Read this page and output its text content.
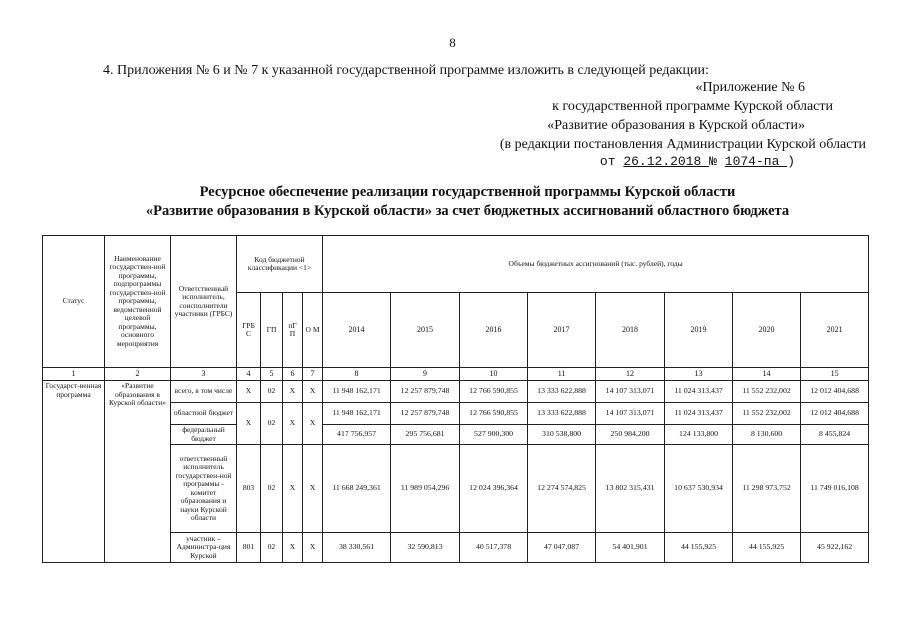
8
4. Приложения № 6 и № 7 к указанной государственной программе изложить в следующей редакции:
«Приложение № 6
к государственной программе Курской области
«Развитие образования в Курской области»
(в редакции постановления Администрации Курской области
от 26.12.2018 № 1074-па )
Ресурсное обеспечение реализации государственной программы Курской области
«Развитие образования в Курской области» за счет бюджетных ассигнований областного бюджета
Статус	Наименование государствен-ной программы, подпрограммы государствен-ной программы, ведомственной целевой программы, основного мероприятия	Ответственный исполнитель, соисполнители участники (ГРБС)	Код бюджетной классификации <1>				Объемы бюджетных ассигнований (тыс. рублей), годы							
			ГРБ С	ГП	пГ П	О М	2014	2015	2016	2017	2018	2019	2020	2021
1	2	3	4	5	6	7	8	9	10	11	12	13	14	15
Государст-венная программа	«Развитие образования в Курской области»	всего, в том числе	Х	02	Х	Х	11 948 162,171	12 257 879,748	12 766 590,855	13 333 622,888	14 107 313,071	11 024 313,437	11 552 232,002	12 012 404,688
		областной бюджет	Х	02	Х	Х	11 948 162,171	12 257 879,748	12 766 590,855	13 333 622,888	14 107 313,071	11 024 313,437	11 552 232,002	12 012 404,688
		федеральный бюджет					417 756,957	295 756,681	527 900,300	310 538,800	250 984,200	124 133,800	8 130,600	8 455,824
		ответственный исполнитель государствен-ной программы - комитет образования и науки Курской области	803	02	Х	Х	11 668 249,361	11 989 054,296	12 024 396,364	12 274 574,825	13 802 315,431	10 637 530,934	11 298 973,752	11 749 016,108
		участник – Администра-ция Курской	801	02	Х	Х	38 330,561	32 590,813	40 517,378	47 047,087	54 401,901	44 155,925	44 155,925	45 922,162
